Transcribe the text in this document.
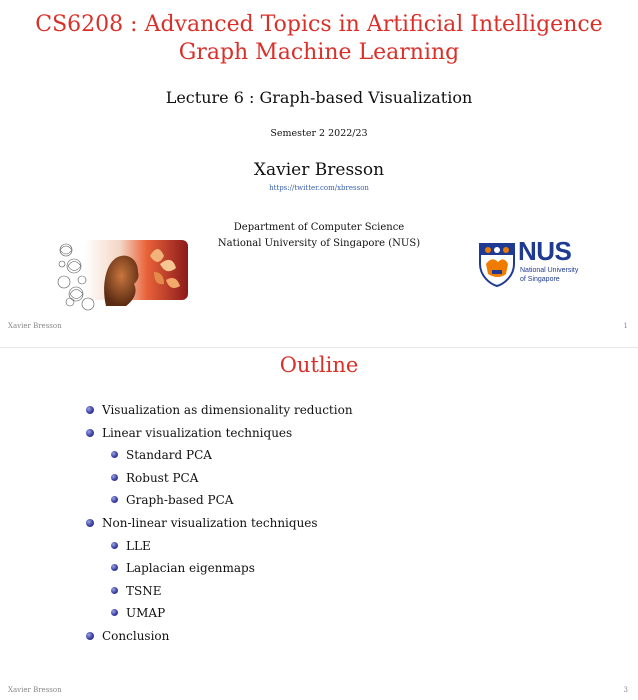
CS6208 : Advanced Topics in Artificial Intelligence
Graph Machine Learning
Lecture 6 : Graph-based Visualization
Semester 2 2022/23
Xavier Bresson
https://twitter.com/xbresson
Department of Computer Science
National University of Singapore (NUS)	NUS
National University
of Singapore
Xavier Bresson	1
Outline
Visualization as dimensionality reduction
Linear visualization techniques
Standard PCA
Robust PCA
Graph-based PCA
Non-linear visualization techniques
LLE
Laplacian eigenmaps
TSNE
UMAP
Conclusion
Xavier Bresson	3
